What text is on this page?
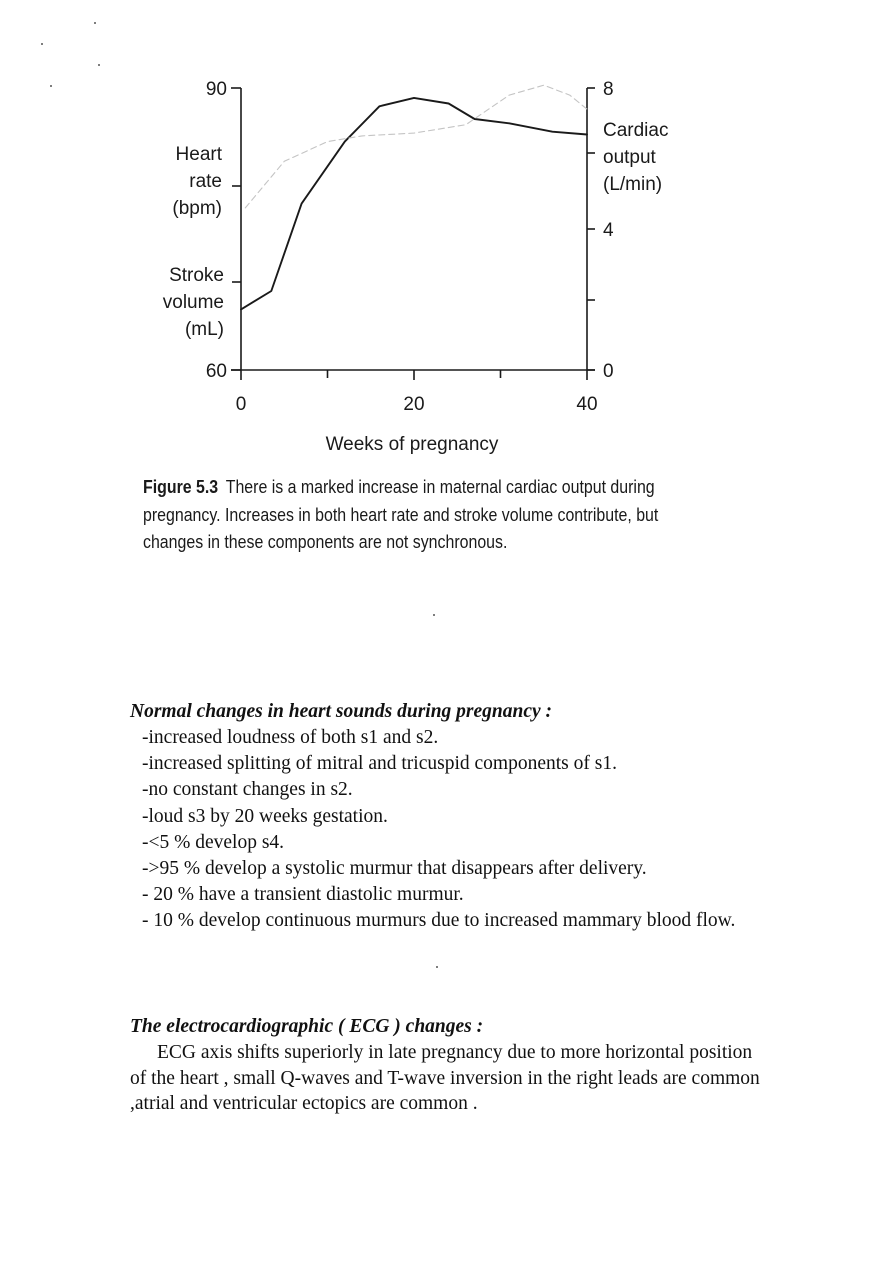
90
60
Heart
rate
(bpm)
Stroke
volume
(mL)
8
4
0
Cardiac
output
(L/min)
0	20	40
Weeks of pregnancy
Figure 5.3 There is a marked increase in maternal cardiac output during pregnancy. Increases in both heart rate and stroke volume contribute, but changes in these components are not synchronous.
Normal changes in heart sounds during pregnancy :
-increased loudness of both s1 and s2.
-increased splitting of mitral and tricuspid components of s1.
-no constant changes in s2.
-loud s3 by 20 weeks gestation.
-<5 % develop s4.
->95 % develop a systolic murmur that disappears after delivery.
- 20 % have a transient diastolic murmur.
- 10 % develop continuous murmurs due to increased mammary blood flow.
The electrocardiographic ( ECG ) changes :

ECG axis shifts superiorly in late pregnancy due to more horizontal position of the heart , small Q-waves and T-wave inversion in the right leads are common ,atrial and ventricular ectopics are common .
